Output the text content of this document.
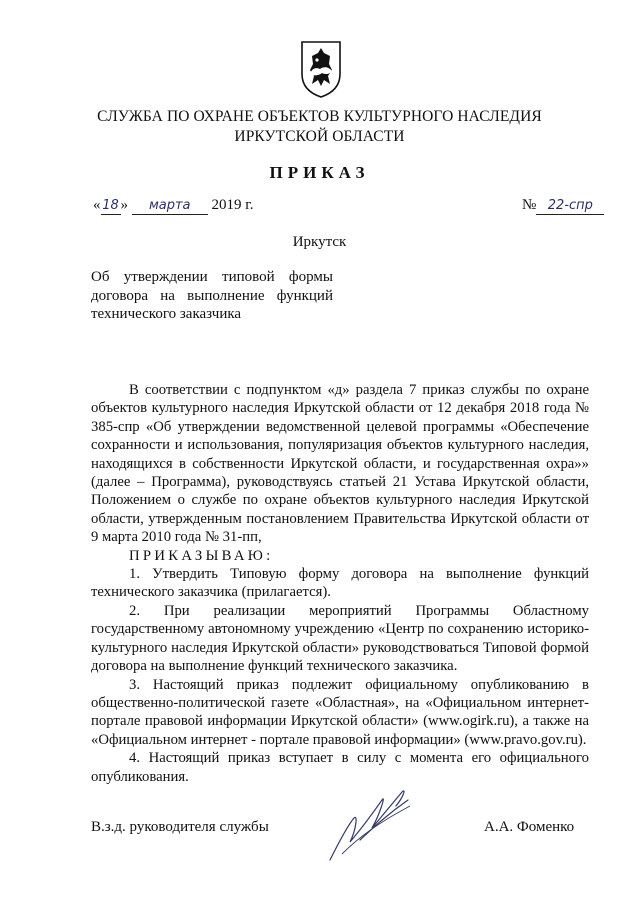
СЛУЖБА ПО ОХРАНЕ ОБЪЕКТОВ КУЛЬТУРНОГО НАСЛЕДИЯ
ИРКУТСКОЙ ОБЛАСТИ
ПРИКАЗ
« 18 » марта 2019 г.	№ 22-спр
Иркутск
Об утверждении типовой формы
договора на выполнение функций
технического заказчика

В соответствии с подпунктом «д» раздела 7 приказ службы по охране объектов культурного наследия Иркутской области от 12 декабря 2018 года № 385-спр «Об утверждении ведомственной целевой программы «Обеспечение сохранности и использования, популяризация объектов культурного наследия, находящихся в собственности Иркутской области, и государственная охра»» (далее – Программа), руководствуясь статьей 21 Устава Иркутской области, Положением о службе по охране объектов культурного наследия Иркутской области, утвержденным постановлением Правительства Иркутской области от 9 марта 2010 года № 31-пп,

ПРИКАЗЫВАЮ:

1. Утвердить Типовую форму договора на выполнение функций технического заказчика (прилагается).

2. При реализации мероприятий Программы Областному государственному автономному учреждению «Центр по сохранению историко-культурного наследия Иркутской области» руководствоваться Типовой формой договора на выполнение функций технического заказчика.

3. Настоящий приказ подлежит официальному опубликованию в общественно-политической газете «Областная», на «Официальном интернет-портале правовой информации Иркутской области» (www.ogirk.ru), а также на «Официальном интернет - портале правовой информации» (www.pravo.gov.ru).

4. Настоящий приказ вступает в силу с момента его официального опубликования.

В.з.д. руководителя службы	А.А. Фоменко
